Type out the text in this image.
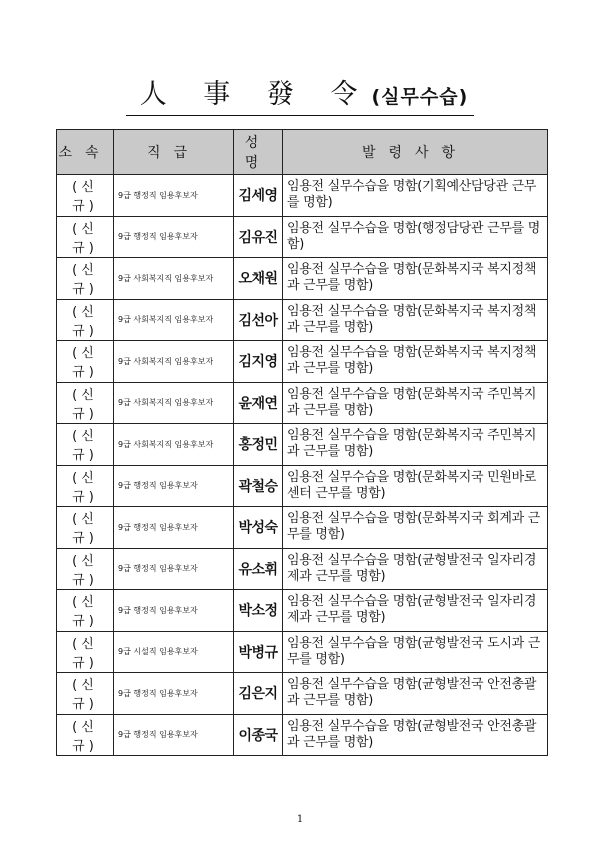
人 事 發 令(실무수습)
소속	직급	성명	발령사항
(신 규)	9급 행정직 임용후보자	김세영	임용전 실무수습을 명함(기획예산담당관 근무를 명함)
(신 규)	9급 행정직 임용후보자	김유진	임용전 실무수습을 명함(행정담당관 근무를 명함)
(신 규)	9급 사회복지직 임용후보자	오채원	임용전 실무수습을 명함(문화복지국 복지정책과 근무를 명함)
(신 규)	9급 사회복지직 임용후보자	김선아	임용전 실무수습을 명함(문화복지국 복지정책과 근무를 명함)
(신 규)	9급 사회복지직 임용후보자	김지영	임용전 실무수습을 명함(문화복지국 복지정책과 근무를 명함)
(신 규)	9급 사회복지직 임용후보자	윤재연	임용전 실무수습을 명함(문화복지국 주민복지과 근무를 명함)
(신 규)	9급 사회복지직 임용후보자	홍정민	임용전 실무수습을 명함(문화복지국 주민복지과 근무를 명함)
(신 규)	9급 행정직 임용후보자	곽철승	임용전 실무수습을 명함(문화복지국 민원바로센터 근무를 명함)
(신 규)	9급 행정직 임용후보자	박성숙	임용전 실무수습을 명함(문화복지국 회계과 근무를 명함)
(신 규)	9급 행정직 임용후보자	유소휘	임용전 실무수습을 명함(균형발전국 일자리경제과 근무를 명함)
(신 규)	9급 행정직 임용후보자	박소정	임용전 실무수습을 명함(균형발전국 일자리경제과 근무를 명함)
(신 규)	9급 시설직 임용후보자	박병규	임용전 실무수습을 명함(균형발전국 도시과 근무를 명함)
(신 규)	9급 행정직 임용후보자	김은지	임용전 실무수습을 명함(균형발전국 안전총괄과 근무를 명함)
(신 규)	9급 행정직 임용후보자	이종국	임용전 실무수습을 명함(균형발전국 안전총괄과 근무를 명함)
1
